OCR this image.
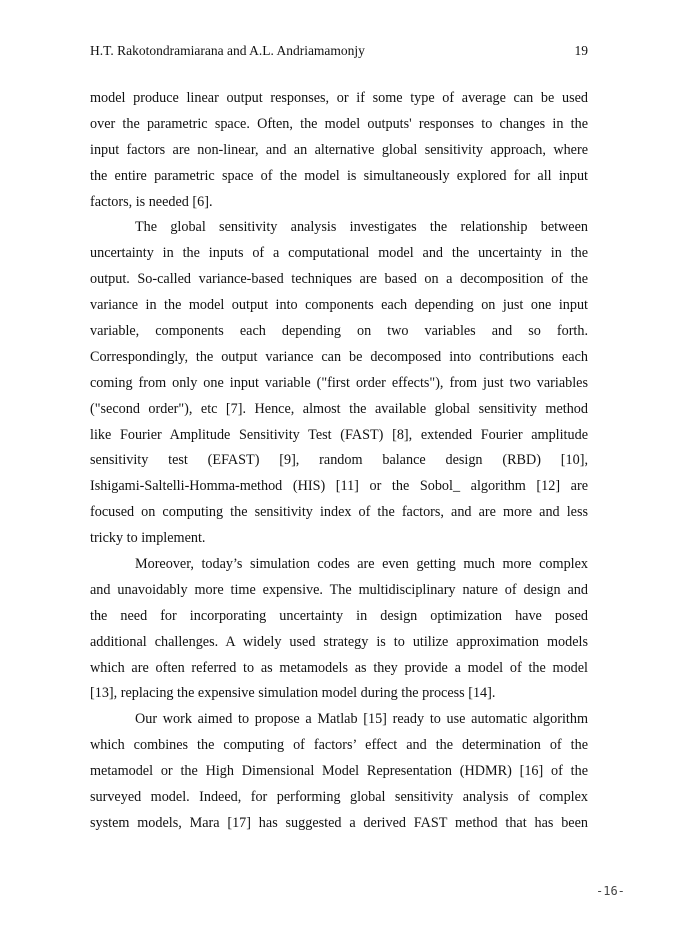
H.T. Rakotondramiarana and A.L. Andriamamonjy	19
model produce linear output responses, or if some type of average can be used
over the parametric space. Often, the model outputs' responses to changes in the
input factors are non-linear, and an alternative global sensitivity approach, where
the entire parametric space of the model is simultaneously explored for all input
factors, is needed [6].
The global sensitivity analysis investigates the relationship between
uncertainty in the inputs of a computational model and the uncertainty in the
output. So-called variance-based techniques are based on a decomposition of the
variance in the model output into components each depending on just one input
variable, components each depending on two variables and so forth.
Correspondingly, the output variance can be decomposed into contributions each
coming from only one input variable ("first order effects"), from just two variables
("second order"), etc [7]. Hence, almost the available global sensitivity method
like Fourier Amplitude Sensitivity Test (FAST) [8], extended Fourier amplitude
sensitivity test (EFAST) [9], random balance design (RBD) [10],
Ishigami-Saltelli-Homma-method (HIS) [11] or the Sobol_ algorithm [12] are
focused on computing the sensitivity index of the factors, and are more and less
tricky to implement.
Moreover, today’s simulation codes are even getting much more complex
and unavoidably more time expensive. The multidisciplinary nature of design and
the need for incorporating uncertainty in design optimization have posed
additional challenges. A widely used strategy is to utilize approximation models
which are often referred to as metamodels as they provide a model of the model
[13], replacing the expensive simulation model during the process [14].
Our work aimed to propose a Matlab [15] ready to use automatic algorithm
which combines the computing of factors’ effect and the determination of the
metamodel or the High Dimensional Model Representation (HDMR) [16] of the
surveyed model. Indeed, for performing global sensitivity analysis of complex
system models, Mara [17] has suggested a derived FAST method that has been
-16-
